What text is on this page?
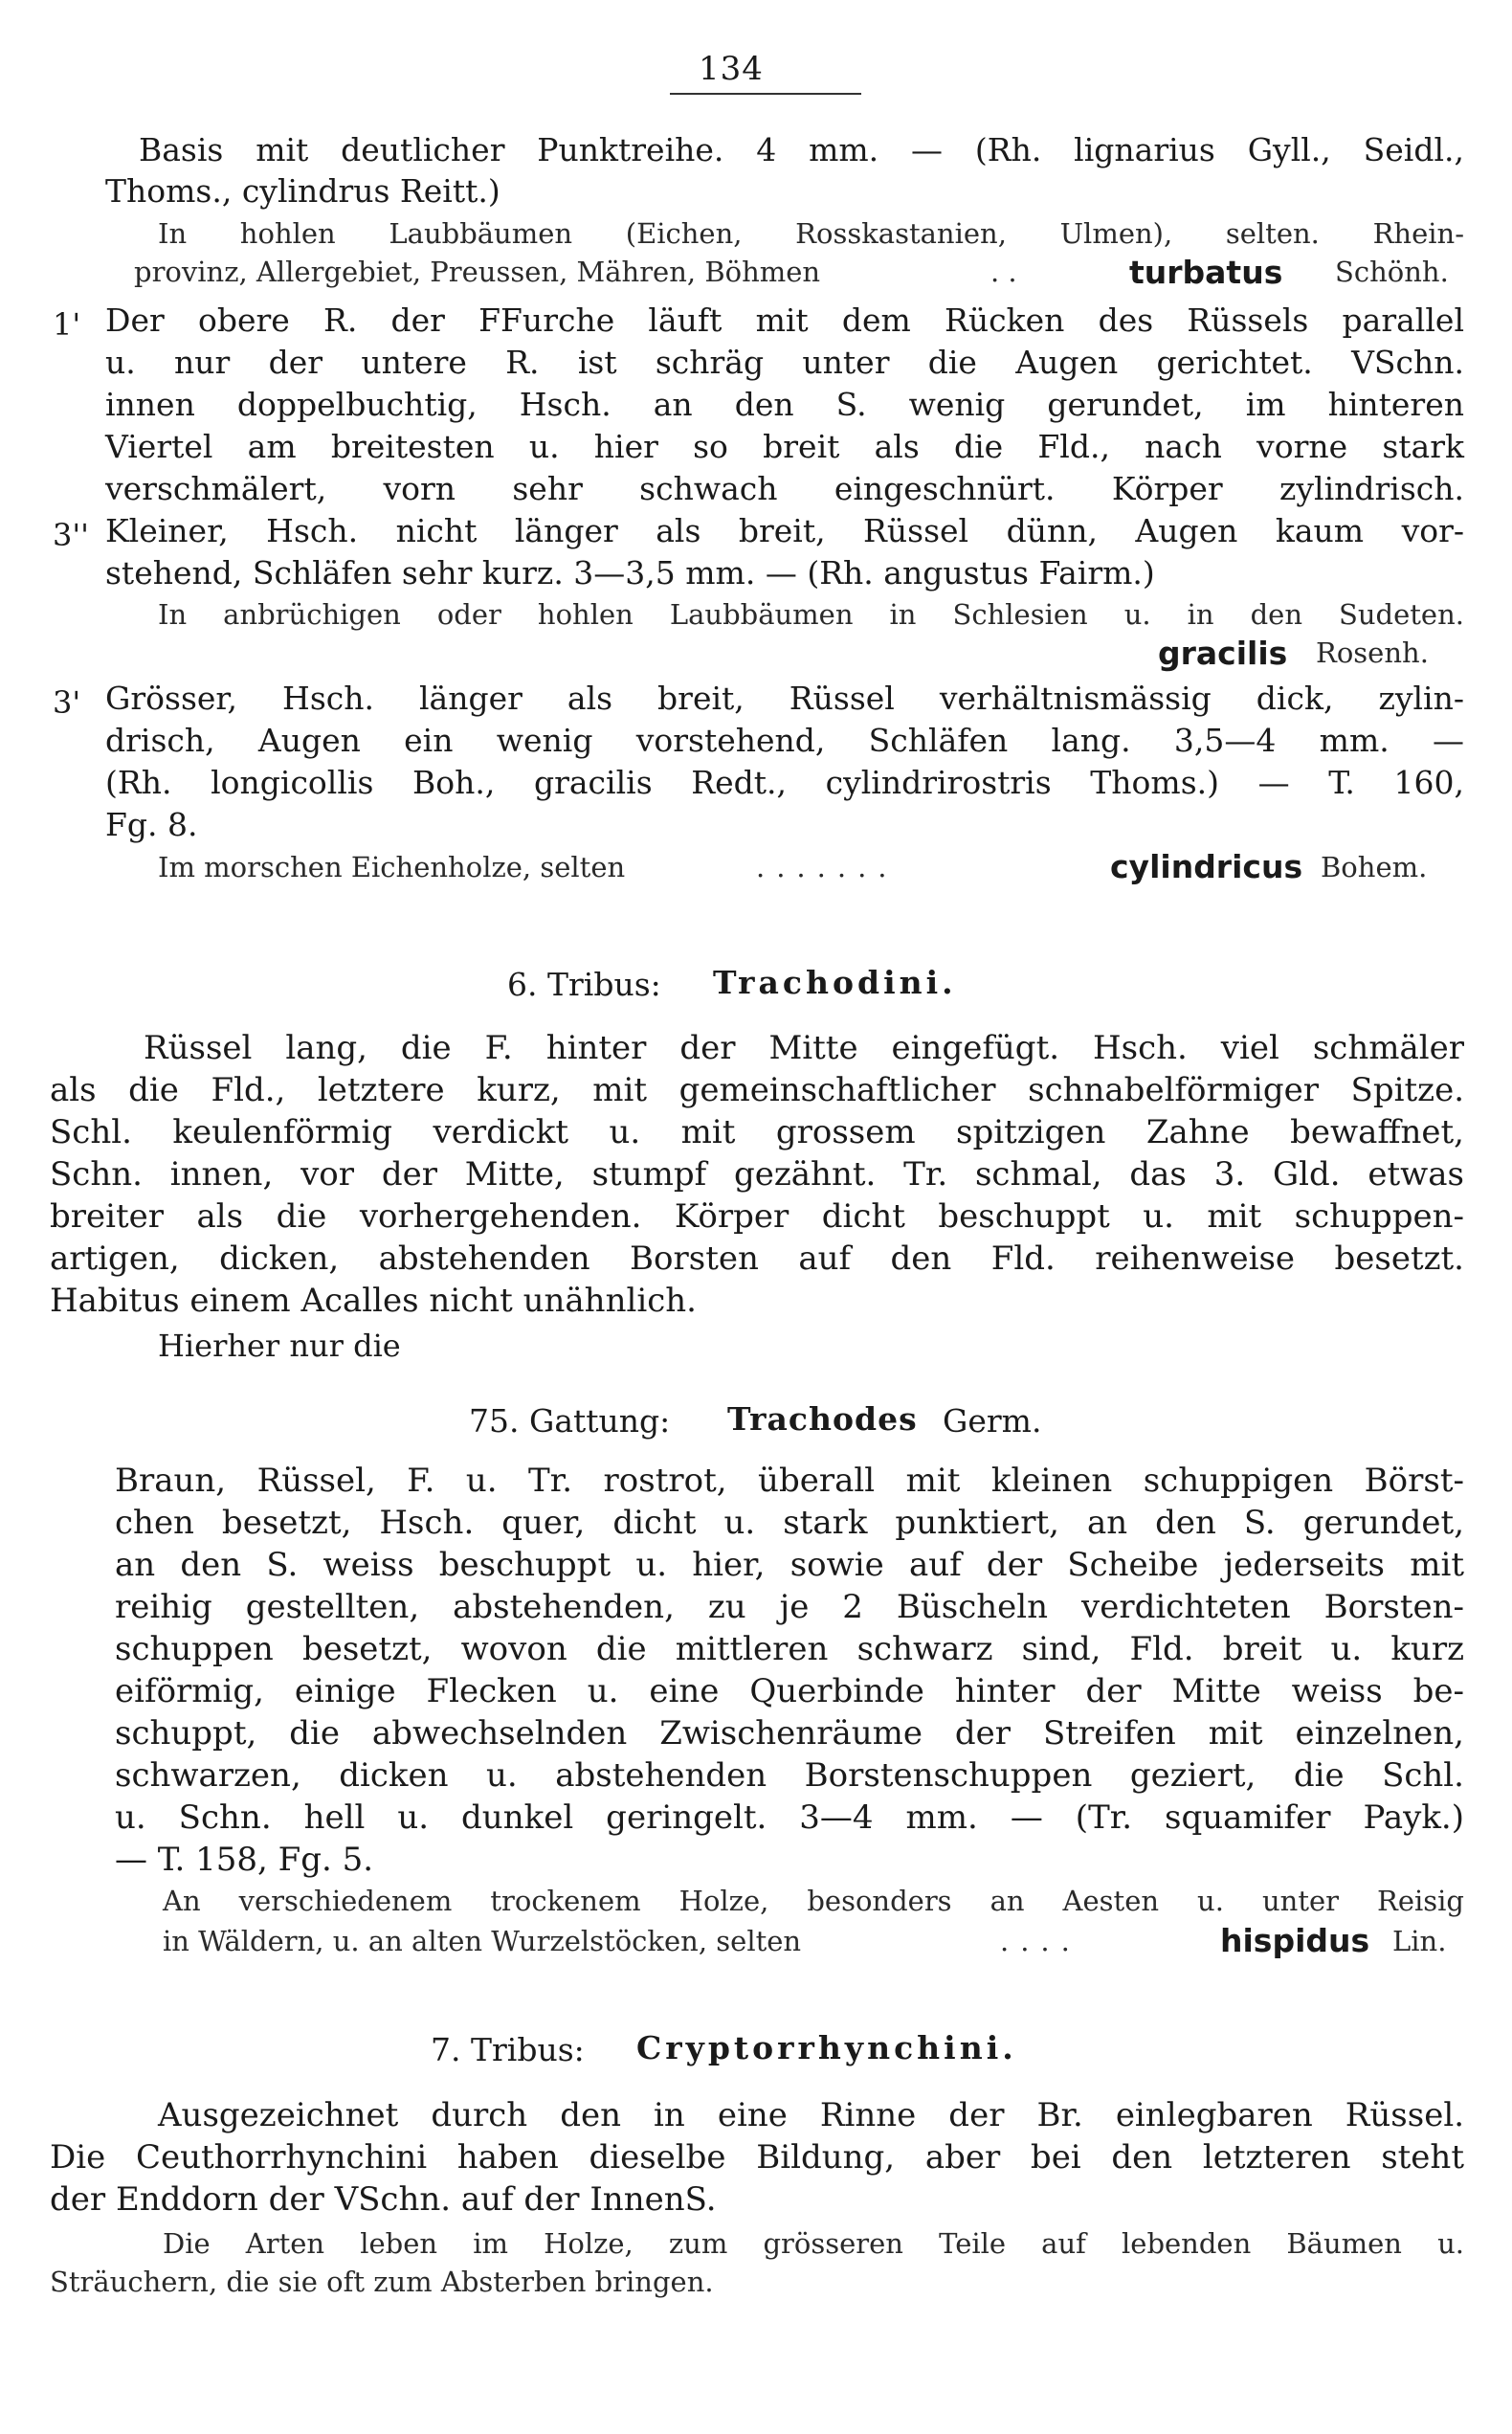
134
Basis mit deutlicher Punktreihe. 4 mm. — (Rh. lignarius Gyll., Seidl.,
Thoms., cylindrus Reitt.)
In hohlen Laubbäumen (Eichen, Rosskastanien, Ulmen), selten. Rhein-
provinz, Allergebiet, Preussen, Mähren, Böhmen	. .	turbatus Schönh.
1' Der obere R. der FFurche läuft mit dem Rücken des Rüssels parallel
u. nur der untere R. ist schräg unter die Augen gerichtet. VSchn.
innen doppelbuchtig, Hsch. an den S. wenig gerundet, im hinteren
Viertel am breitesten u. hier so breit als die Fld., nach vorne stark
verschmälert, vorn sehr schwach eingeschnürt. Körper zylindrisch.
3'' Kleiner, Hsch. nicht länger als breit, Rüssel dünn, Augen kaum vor-
stehend, Schläfen sehr kurz. 3—3,5 mm. — (Rh. angustus Fairm.)
In anbrüchigen oder hohlen Laubbäumen in Schlesien u. in den Sudeten.
gracilis Rosenh.
3' Grösser, Hsch. länger als breit, Rüssel verhältnismässig dick, zylin-
drisch, Augen ein wenig vorstehend, Schläfen lang. 3,5—4 mm. —
(Rh. longicollis Boh., gracilis Redt., cylindrirostris Thoms.) — T. 160,
Fg. 8.
Im morschen Eichenholze, selten	.......	cylindricus Bohem.
6. Tribus: Trachodini.
Rüssel lang, die F. hinter der Mitte eingefügt. Hsch. viel schmäler
als die Fld., letztere kurz, mit gemeinschaftlicher schnabelförmiger Spitze.
Schl. keulenförmig verdickt u. mit grossem spitzigen Zahne bewaffnet,
Schn. innen, vor der Mitte, stumpf gezähnt. Tr. schmal, das 3. Gld. etwas
breiter als die vorhergehenden. Körper dicht beschuppt u. mit schuppen-
artigen, dicken, abstehenden Borsten auf den Fld. reihenweise besetzt.
Habitus einem Acalles nicht unähnlich.
Hierher nur die
75. Gattung: Trachodes Germ.
Braun, Rüssel, F. u. Tr. rostrot, überall mit kleinen schuppigen Börst-
chen besetzt, Hsch. quer, dicht u. stark punktiert, an den S. gerundet,
an den S. weiss beschuppt u. hier, sowie auf der Scheibe jederseits mit
reihig gestellten, abstehenden, zu je 2 Büscheln verdichteten Borsten-
schuppen besetzt, wovon die mittleren schwarz sind, Fld. breit u. kurz
eiförmig, einige Flecken u. eine Querbinde hinter der Mitte weiss be-
schuppt, die abwechselnden Zwischenräume der Streifen mit einzelnen,
schwarzen, dicken u. abstehenden Borstenschuppen geziert, die Schl.
u. Schn. hell u. dunkel geringelt. 3—4 mm. — (Tr. squamifer Payk.)
— T. 158, Fg. 5.
An verschiedenem trockenem Holze, besonders an Aesten u. unter Reisig
in Wäldern, u. an alten Wurzelstöcken, selten	....	hispidus Lin.
7. Tribus: Cryptorrhynchini.
Ausgezeichnet durch den in eine Rinne der Br. einlegbaren Rüssel.
Die Ceuthorrhynchini haben dieselbe Bildung, aber bei den letzteren steht
der Enddorn der VSchn. auf der InnenS.
Die Arten leben im Holze, zum grösseren Teile auf lebenden Bäumen u.
Sträuchern, die sie oft zum Absterben bringen.
